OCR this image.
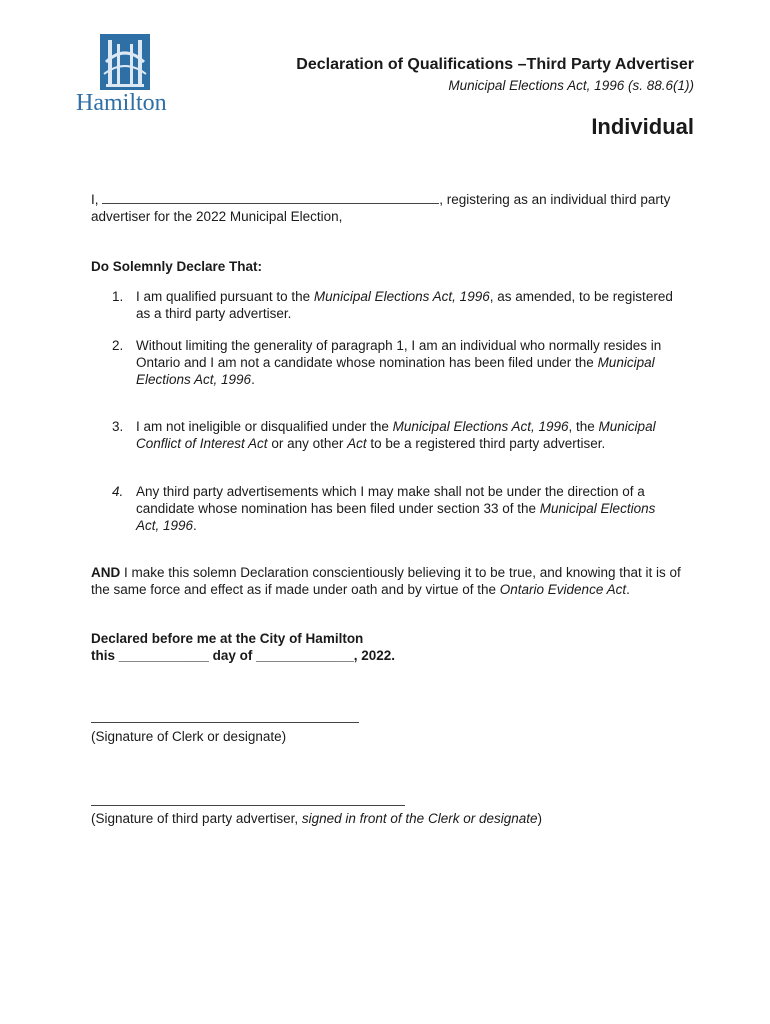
Hamilton
Declaration of Qualifications –Third Party Advertiser
Municipal Elections Act, 1996 (s. 88.6(1))
Individual
I,	, registering as an individual third party
advertiser for the 2022 Municipal Election,
Do Solemnly Declare That:
1. I am qualified pursuant to the Municipal Elections Act, 1996, as amended, to be registered as a third party advertiser.
2. Without limiting the generality of paragraph 1, I am an individual who normally resides in Ontario and I am not a candidate whose nomination has been filed under the Municipal Elections Act, 1996.
3. I am not ineligible or disqualified under the Municipal Elections Act, 1996, the Municipal Conflict of Interest Act or any other Act to be a registered third party advertiser.
4. Any third party advertisements which I may make shall not be under the direction of a candidate whose nomination has been filed under section 33 of the Municipal Elections Act, 1996.
AND I make this solemn Declaration conscientiously believing it to be true, and knowing that it is of the same force and effect as if made under oath and by virtue of the Ontario Evidence Act.
Declared before me at the City of Hamilton
this ____________ day of _____________, 2022.
(Signature of Clerk or designate)
(Signature of third party advertiser, signed in front of the Clerk or designate)
